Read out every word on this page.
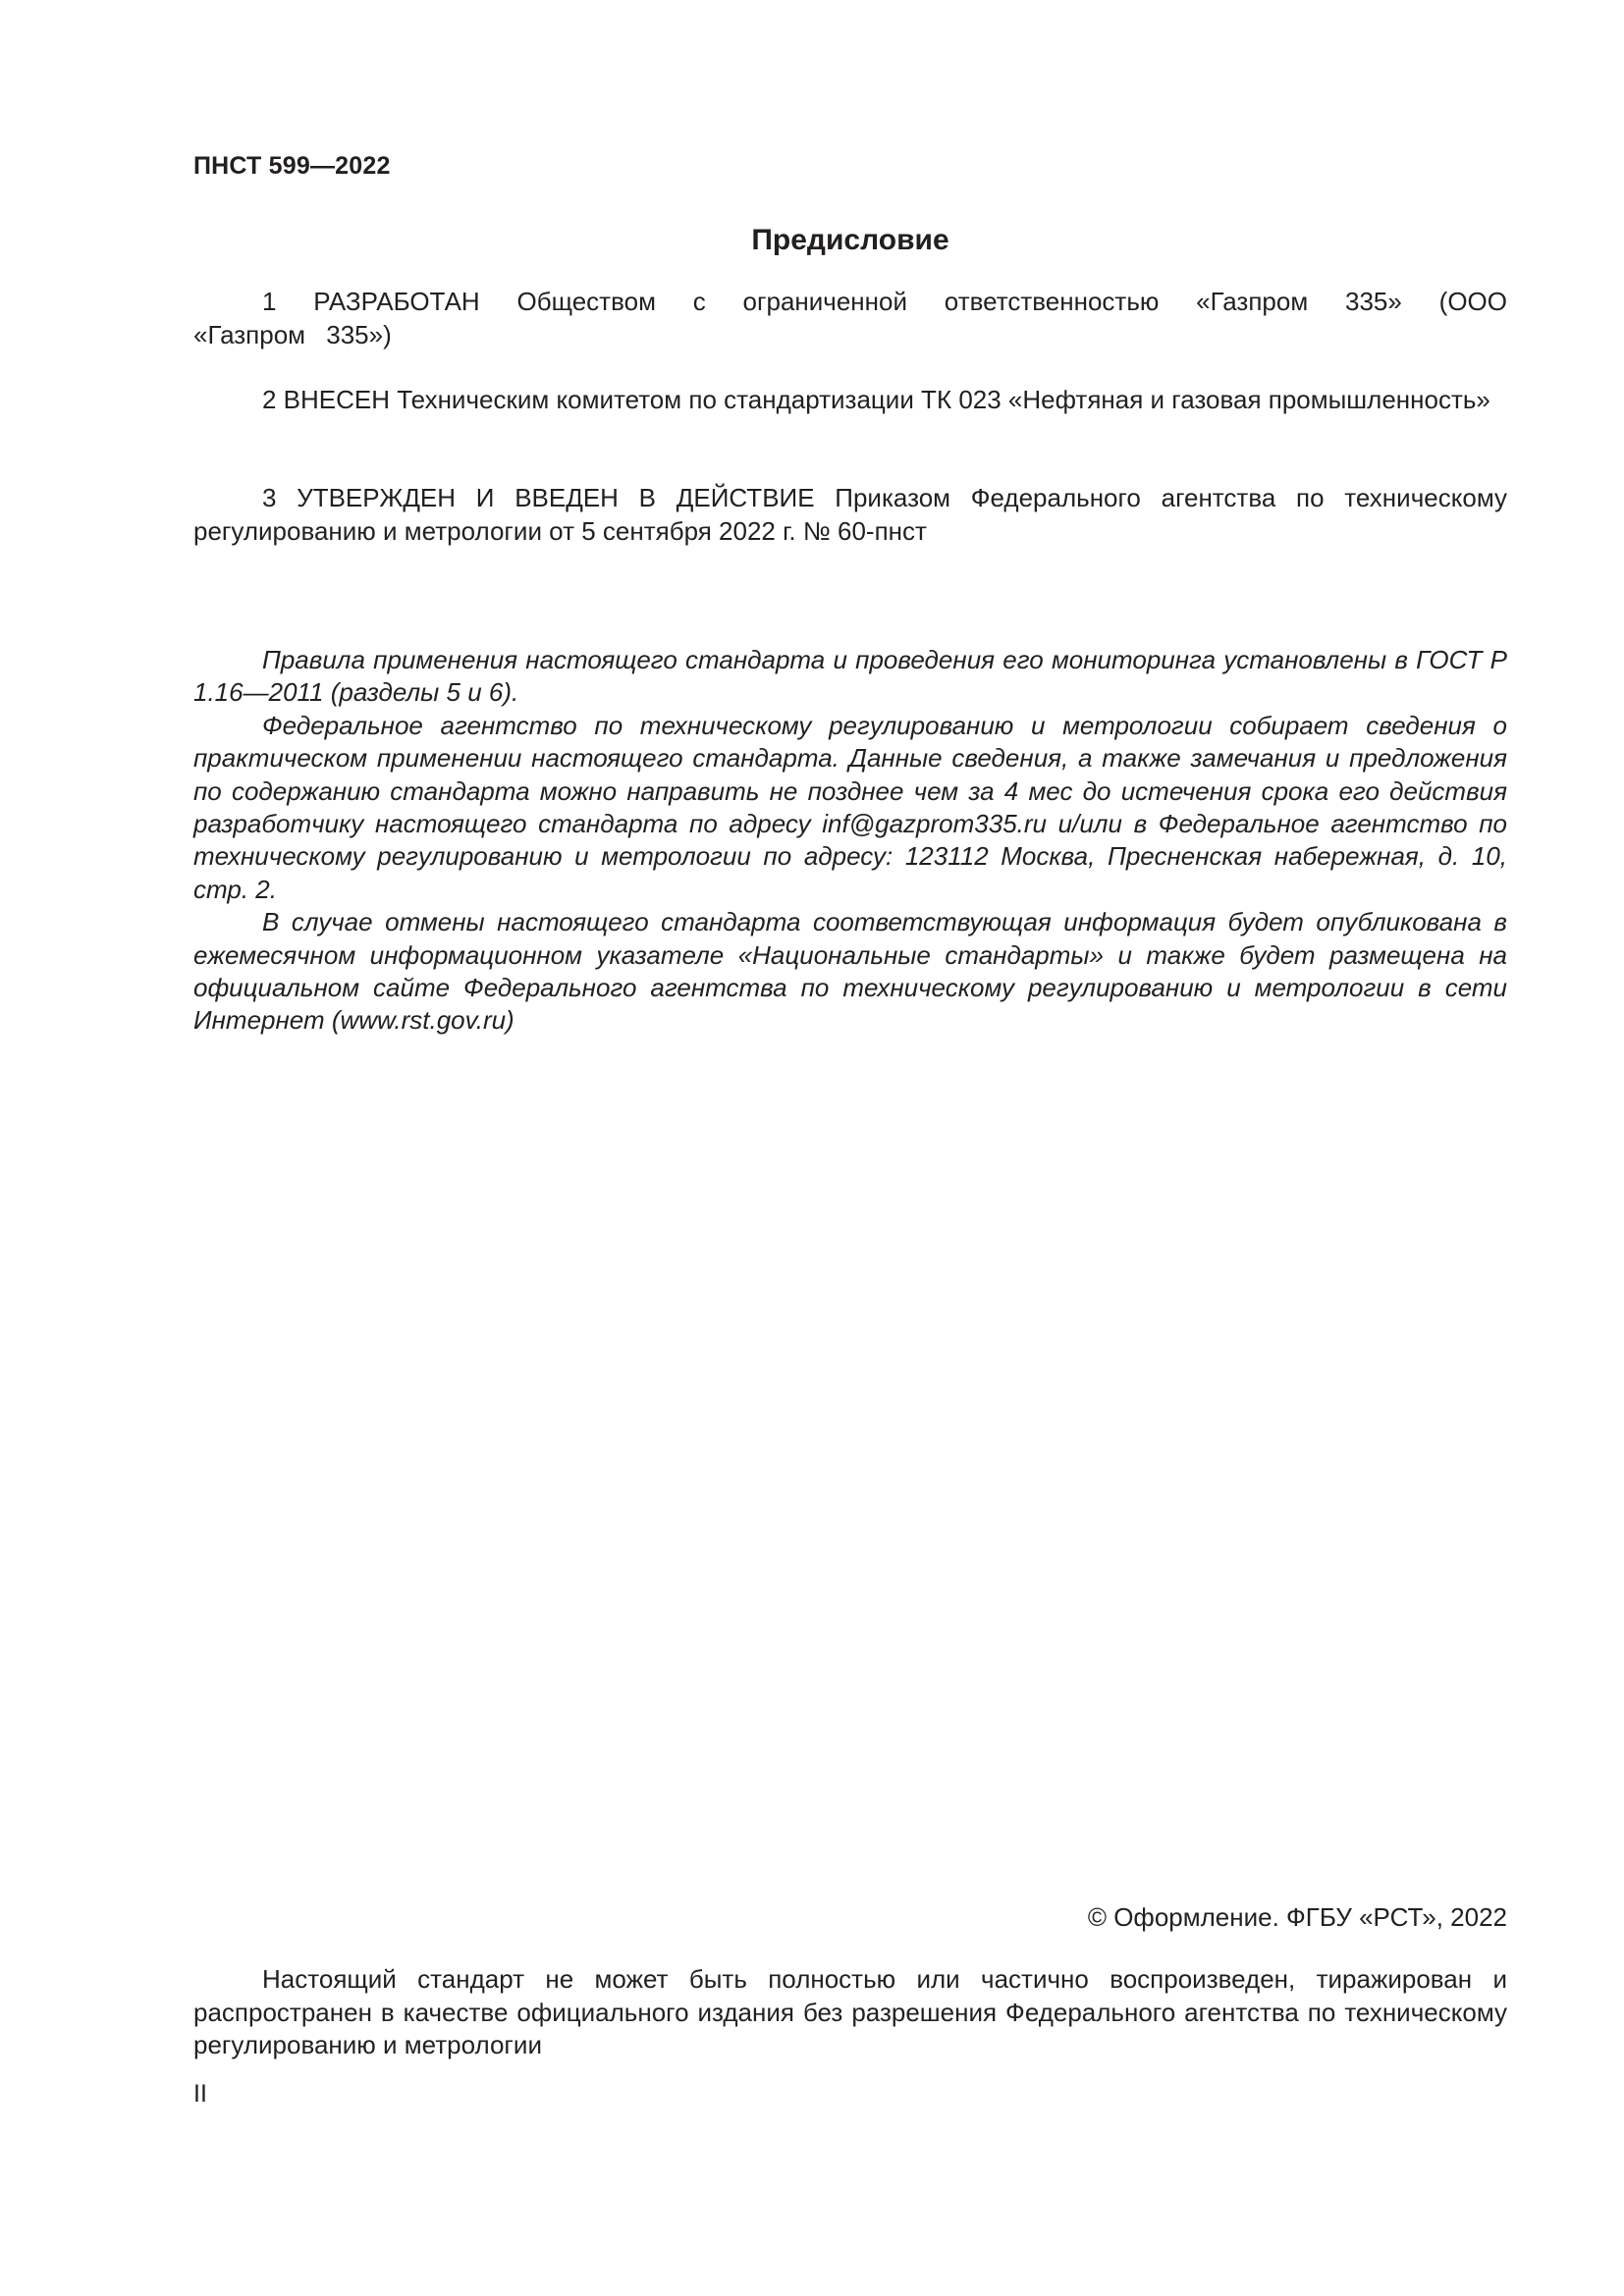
ПНСТ 599—2022
Предисловие

1 РАЗРАБОТАН Обществом с ограниченной ответственностью «Газпром 335» (ООО «Газпром 335»)

2 ВНЕСЕН Техническим комитетом по стандартизации ТК 023 «Нефтяная и газовая промышленность»

3 УТВЕРЖДЕН И ВВЕДЕН В ДЕЙСТВИЕ Приказом Федерального агентства по техническому регулированию и метрологии от 5 сентября 2022 г. № 60-пнст

Правила применения настоящего стандарта и проведения его мониторинга установлены в ГОСТ Р 1.16—2011 (разделы 5 и 6).

Федеральное агентство по техническому регулированию и метрологии собирает сведения о практическом применении настоящего стандарта. Данные сведения, а также замечания и предложения по содержанию стандарта можно направить не позднее чем за 4 мес до истечения срока его действия разработчику настоящего стандарта по адресу inf@gazprom335.ru и/или в Федеральное агентство по техническому регулированию и метрологии по адресу: 123112 Москва, Пресненская набережная, д. 10, стр. 2.

В случае отмены настоящего стандарта соответствующая информация будет опубликована в ежемесячном информационном указателе «Национальные стандарты» и также будет размещена на официальном сайте Федерального агентства по техническому регулированию и метрологии в сети Интернет (www.rst.gov.ru)

© Оформление. ФГБУ «РСТ», 2022

Настоящий стандарт не может быть полностью или частично воспроизведен, тиражирован и распространен в качестве официального издания без разрешения Федерального агентства по техническому регулированию и метрологии

II
